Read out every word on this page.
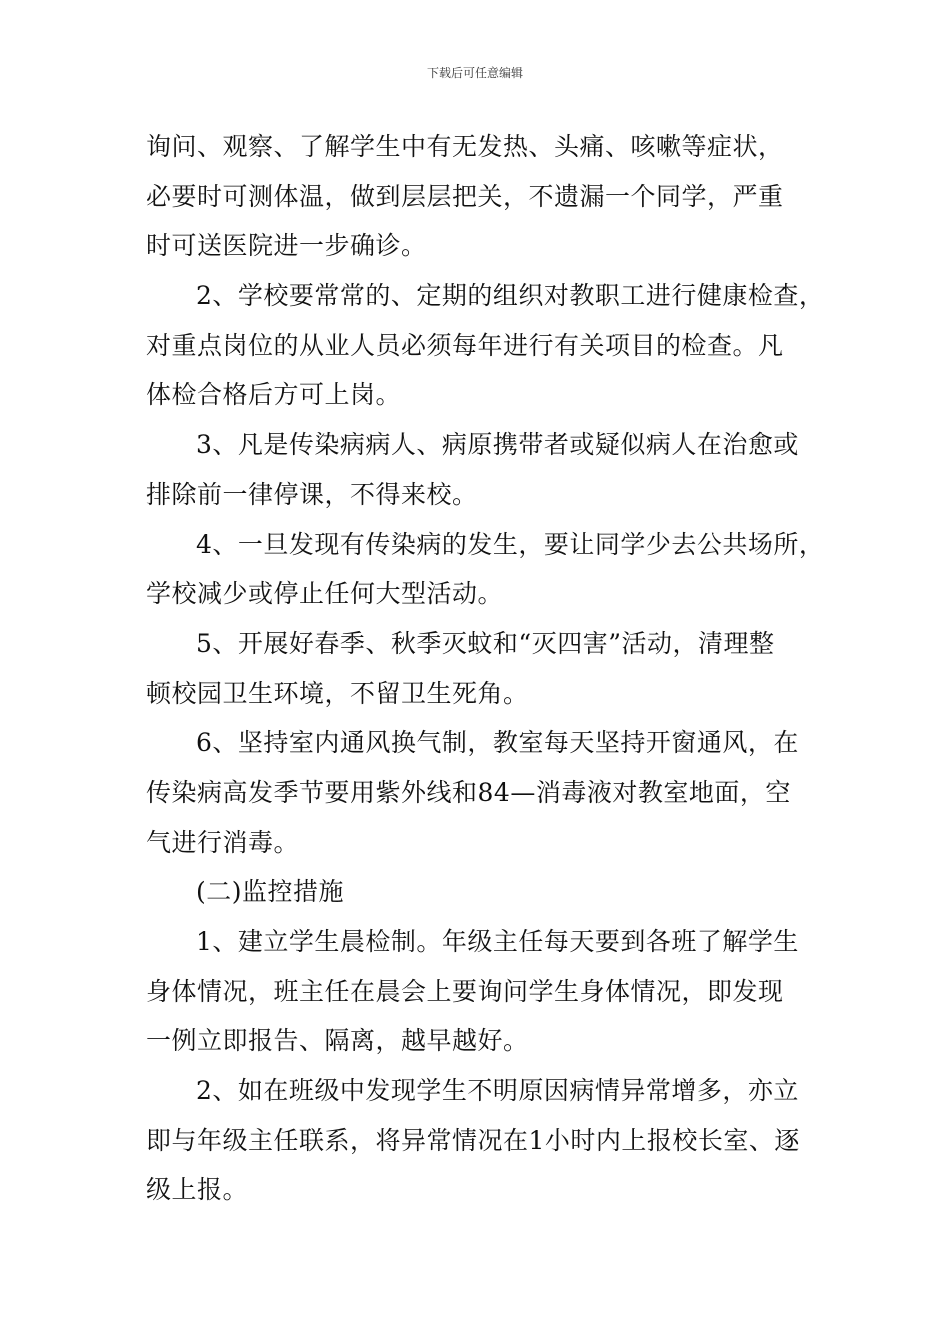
下载后可任意编辑
询问、观察、了解学生中有无发热、头痛、咳嗽等症状，
必要时可测体温，做到层层把关，不遗漏一个同学，严重
时可送医院进一步确诊。
2、学校要常常的、定期的组织对教职工进行健康检查，
对重点岗位的从业人员必须每年进行有关项目的检查。凡
体检合格后方可上岗。
3、凡是传染病病人、病原携带者或疑似病人在治愈或
排除前一律停课，不得来校。
4、一旦发现有传染病的发生，要让同学少去公共场所，
学校减少或停止任何大型活动。
5、开展好春季、秋季灭蚊和“灭四害”活动，清理整
顿校园卫生环境，不留卫生死角。
6、坚持室内通风换气制，教室每天坚持开窗通风，在
传染病高发季节要用紫外线和84—消毒液对教室地面，空
气进行消毒。
(二)监控措施
1、建立学生晨检制。年级主任每天要到各班了解学生
身体情况，班主任在晨会上要询问学生身体情况，即发现
一例立即报告、隔离，越早越好。
2、如在班级中发现学生不明原因病情异常增多，亦立
即与年级主任联系，将异常情况在1小时内上报校长室、逐
级上报。
